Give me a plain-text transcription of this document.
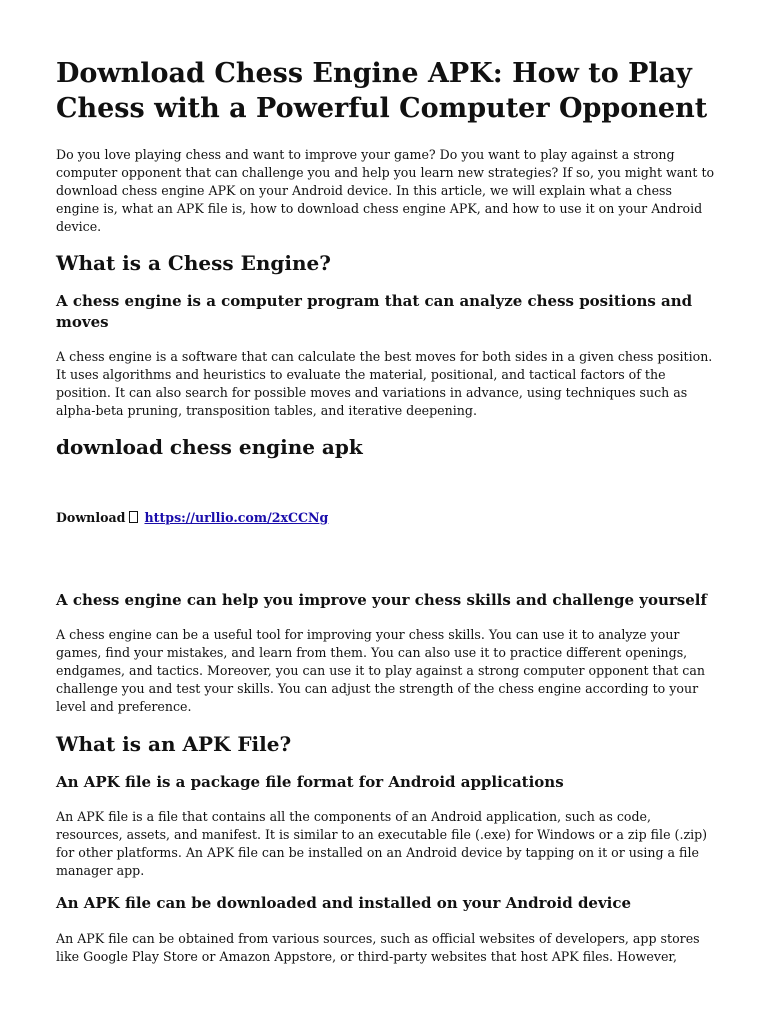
Download Chess Engine APK: How to Play Chess with a Powerful Computer Opponent

Do you love playing chess and want to improve your game? Do you want to play against a strong computer opponent that can challenge you and help you learn new strategies? If so, you might want to download chess engine APK on your Android device. In this article, we will explain what a chess engine is, what an APK file is, how to download chess engine APK, and how to use it on your Android device.

What is a Chess Engine?
A chess engine is a computer program that can analyze chess positions and moves

A chess engine is a software that can calculate the best moves for both sides in a given chess position. It uses algorithms and heuristics to evaluate the material, positional, and tactical factors of the position. It can also search for possible moves and variations in advance, using techniques such as alpha-beta pruning, transposition tables, and iterative deepening.

download chess engine apk
Download https://urllio.com/2xCCNg
A chess engine can help you improve your chess skills and challenge yourself

A chess engine can be a useful tool for improving your chess skills. You can use it to analyze your games, find your mistakes, and learn from them. You can also use it to practice different openings, endgames, and tactics. Moreover, you can use it to play against a strong computer opponent that can challenge you and test your skills. You can adjust the strength of the chess engine according to your level and preference.

What is an APK File?
An APK file is a package file format for Android applications

An APK file is a file that contains all the components of an Android application, such as code, resources, assets, and manifest. It is similar to an executable file (.exe) for Windows or a zip file (.zip) for other platforms. An APK file can be installed on an Android device by tapping on it or using a file manager app.

An APK file can be downloaded and installed on your Android device

An APK file can be obtained from various sources, such as official websites of developers, app stores like Google Play Store or Amazon Appstore, or third-party websites that host APK files. However,
